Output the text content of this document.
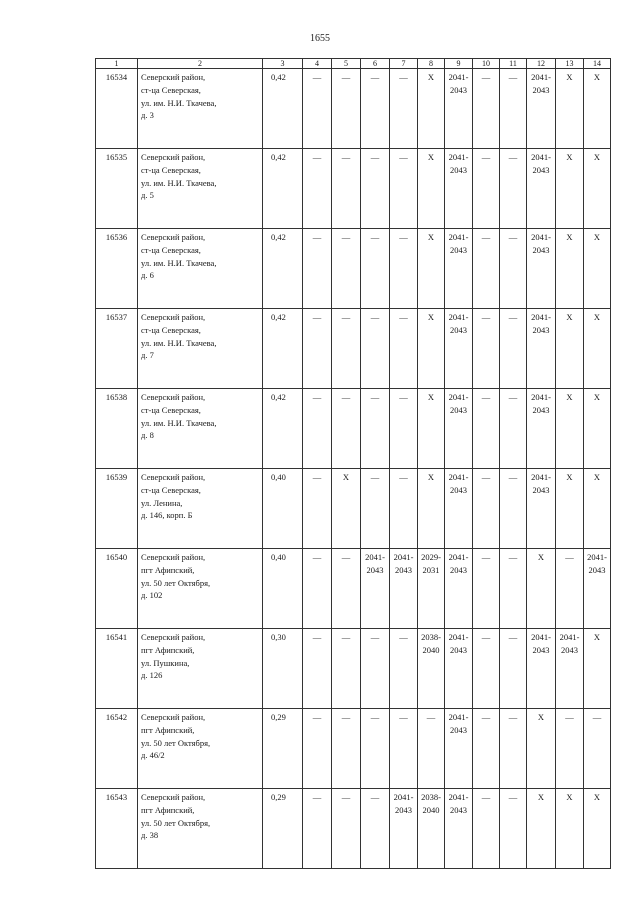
1655
1	2	3	4	5	6	7	8	9	10	11	12	13	14
16534	Северский район,
ст-ца Северская,
ул. им. Н.И. Ткачева,
д. 3	0,42	—	—	—	—	X	2041-
2043	—	—	2041-
2043	X	X
16535	Северский район,
ст-ца Северская,
ул. им. Н.И. Ткачева,
д. 5	0,42	—	—	—	—	X	2041-
2043	—	—	2041-
2043	X	X
16536	Северский район,
ст-ца Северская,
ул. им. Н.И. Ткачева,
д. 6	0,42	—	—	—	—	X	2041-
2043	—	—	2041-
2043	X	X
16537	Северский район,
ст-ца Северская,
ул. им. Н.И. Ткачева,
д. 7	0,42	—	—	—	—	X	2041-
2043	—	—	2041-
2043	X	X
16538	Северский район,
ст-ца Северская,
ул. им. Н.И. Ткачева,
д. 8	0,42	—	—	—	—	X	2041-
2043	—	—	2041-
2043	X	X
16539	Северский район,
ст-ца Северская,
ул. Ленина,
д. 146, корп. Б	0,40	—	X	—	—	X	2041-
2043	—	—	2041-
2043	X	X
16540	Северский район,
пгт Афипский,
ул. 50 лет Октября,
д. 102	0,40	—	—	2041-
2043	2041-
2043	2029-
2031	2041-
2043	—	—	X	—	2041-
2043

16541	Северский район,
пгт Афипский,
ул. Пушкина,
д. 126	0,30	—	—	—	—	2038-
2040	2041-
2043	—	—	2041-
2043	2041-
2043	X
16542	Северский район,
пгт Афипский,
ул. 50 лет Октября,
д. 46/2	0,29	—	—	—	—	—	2041-
2043	—	—	X	—	—
16543	Северский район,
пгт Афипский,
ул. 50 лет Октября,
д. 38	0,29	—	—	—	2041-
2043	2038-
2040	2041-
2043	—	—	X	X	X
